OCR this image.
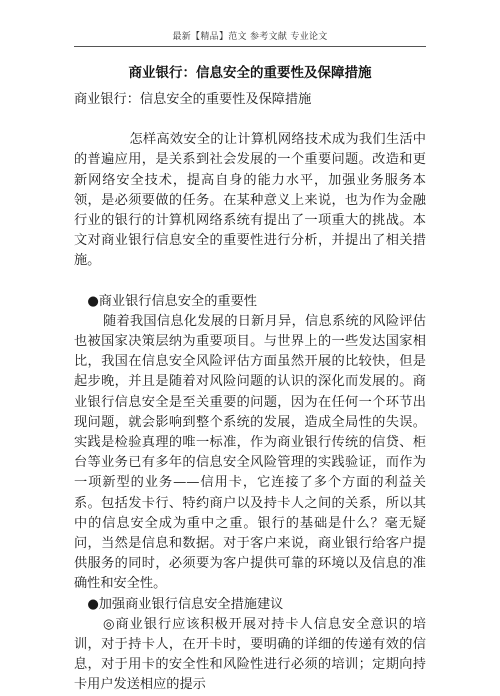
最新【精品】范文 参考文献 专业论文
商业银行：信息安全的重要性及保障措施

商业银行：信息安全的重要性及保障措施

怎样高效安全的让计算机网络技术成为我们生活中的普遍应用，是关系到社会发展的一个重要问题。改造和更新网络安全技术，提高自身的能力水平，加强业务服务本领，是必须要做的任务。在某种意义上来说，也为作为金融行业的银行的计算机网络系统有提出了一项重大的挑战。本文对商业银行信息安全的重要性进行分析，并提出了相关措施。

●商业银行信息安全的重要性

随着我国信息化发展的日新月异，信息系统的风险评估也被国家决策层纳为重要项目。与世界上的一些发达国家相比，我国在信息安全风险评估方面虽然开展的比较快，但是起步晚，并且是随着对风险问题的认识的深化而发展的。商业银行信息安全是至关重要的问题，因为在任何一个环节出现问题，就会影响到整个系统的发展，造成全局性的失误。实践是检验真理的唯一标准，作为商业银行传统的信贷、柜台等业务已有多年的信息安全风险管理的实践验证，而作为一项新型的业务——信用卡，它连接了多个方面的利益关系。包括发卡行、特约商户以及持卡人之间的关系，所以其中的信息安全成为重中之重。银行的基础是什么？毫无疑问，当然是信息和数据。对于客户来说，商业银行给客户提供服务的同时，必须要为客户提供可靠的环境以及信息的准确性和安全性。

●加强商业银行信息安全措施建议

◎商业银行应该积极开展对持卡人信息安全意识的培训，对于持卡人，在开卡时，要明确的详细的传递有效的信息，对于用卡的安全性和风险性进行必须的培训；定期向持卡用户发送相应的提示
